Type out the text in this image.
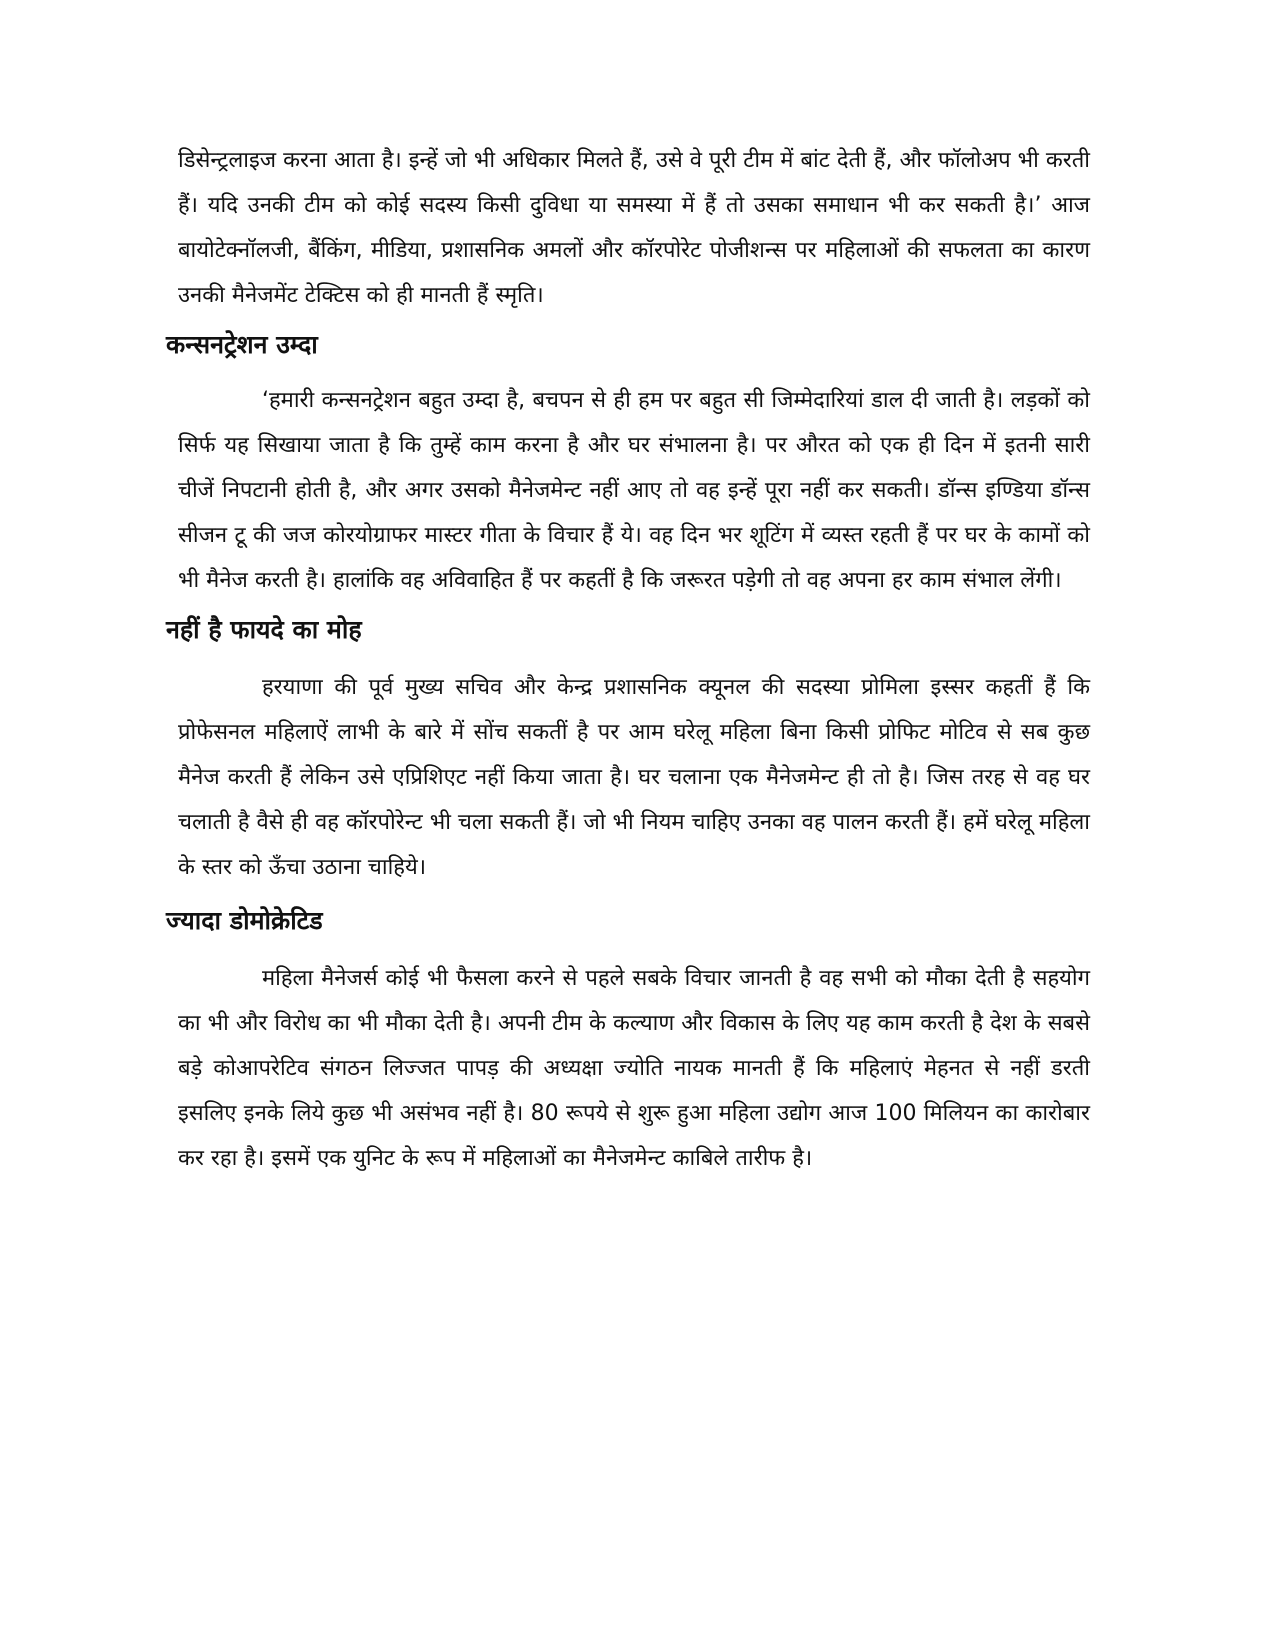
डिसेन्ट्रलाइज करना आता है। इन्हें जो भी अधिकार मिलते हैं, उसे वे पूरी टीम में बांट देती हैं, और फॉलोअप भी करती हैं। यदि उनकी टीम को कोई सदस्य किसी दुविधा या समस्या में हैं तो उसका समाधान भी कर सकती है।’ आज बायोटेक्नॉलजी, बैंकिंग, मीडिया, प्रशासनिक अमलों और कॉरपोरेट पोजीशन्स पर महिलाओं की सफलता का कारण उनकी मैनेजमेंट टेक्टिस को ही मानती हैं स्मृति।

कन्सनट्रेशन उम्दा

‘हमारी कन्सनट्रेशन बहुत उम्दा है, बचपन से ही हम पर बहुत सी जिम्मेदारियां डाल दी जाती है। लड़कों को सिर्फ यह सिखाया जाता है कि तुम्हें काम करना है और घर संभालना है। पर औरत को एक ही दिन में इतनी सारी चीजें निपटानी होती है, और अगर उसको मैनेजमेन्ट नहीं आए तो वह इन्हें पूरा नहीं कर सकती। डॉन्स इण्डिया डॉन्स सीजन टू की जज कोरयोग्राफर मास्टर गीता के विचार हैं ये। वह दिन भर शूटिंग में व्यस्त रहती हैं पर घर के कामों को भी मैनेज करती है। हालांकि वह अविवाहित हैं पर कहतीं है कि जरूरत पड़ेगी तो वह अपना हर काम संभाल लेंगी।

नहीं है फायदे का मोह

हरयाणा की पूर्व मुख्य सचिव और केन्द्र प्रशासनिक क्यूनल की सदस्या प्रोमिला इस्सर कहतीं हैं कि प्रोफेसनल महिलाऐं लाभी के बारे में सोंच सकतीं है पर आम घरेलू महिला बिना किसी प्रोफिट मोटिव से सब कुछ मैनेज करती हैं लेकिन उसे एप्रिशिएट नहीं किया जाता है। घर चलाना एक मैनेजमेन्ट ही तो है। जिस तरह से वह घर चलाती है वैसे ही वह कॉरपोरेन्ट भी चला सकती हैं। जो भी नियम चाहिए उनका वह पालन करती हैं। हमें घरेलू महिला के स्तर को ऊँचा उठाना चाहिये।

ज्यादा डोमोक्रेटिड

महिला मैनेजर्स कोई भी फैसला करने से पहले सबके विचार जानती है वह सभी को मौका देती है सहयोग का भी और विरोध का भी मौका देती है। अपनी टीम के कल्याण और विकास के लिए यह काम करती है देश के सबसे बड़े कोआपरेटिव संगठन लिज्जत पापड़ की अध्यक्षा ज्योति नायक मानती हैं कि महिलाएं मेहनत से नहीं डरती इसलिए इनके लिये कुछ भी असंभव नहीं है। 80 रूपये से शुरू हुआ महिला उद्योग आज 100 मिलियन का कारोबार कर रहा है। इसमें एक युनिट के रूप में महिलाओं का मैनेजमेन्ट काबिले तारीफ है।
